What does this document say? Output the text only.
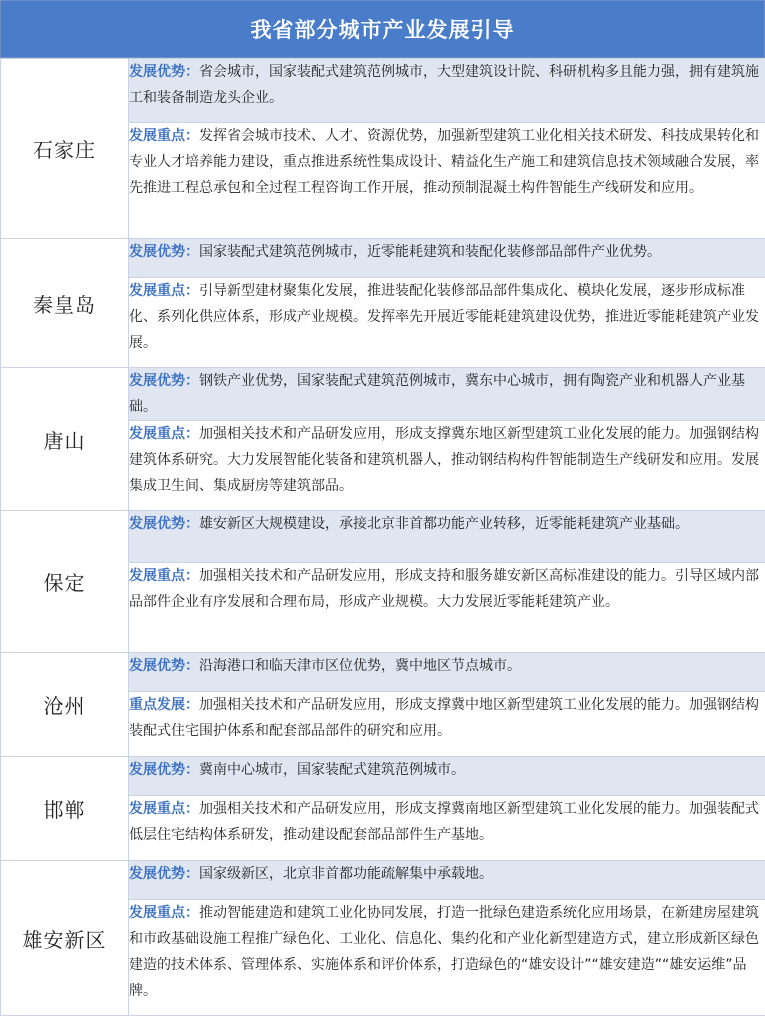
我省部分城市产业发展引导
石家庄	发展优势：省会城市，国家装配式建筑范例城市，大型建筑设计院、科研机构多且能力强，拥有建筑施工和装备制造龙头企业。
	发展重点：发挥省会城市技术、人才、资源优势，加强新型建筑工业化相关技术研发、科技成果转化和专业人才培养能力建设，重点推进系统性集成设计、精益化生产施工和建筑信息技术领域融合发展，率先推进工程总承包和全过程工程咨询工作开展，推动预制混凝土构件智能生产线研发和应用。
秦皇岛	发展优势：国家装配式建筑范例城市，近零能耗建筑和装配化装修部品部件产业优势。
	发展重点：引导新型建材聚集化发展，推进装配化装修部品部件集成化、模块化发展，逐步形成标准化、系列化供应体系，形成产业规模。发挥率先开展近零能耗建筑建设优势，推进近零能耗建筑产业发展。
唐山	发展优势：钢铁产业优势，国家装配式建筑范例城市，冀东中心城市，拥有陶瓷产业和机器人产业基础。
	发展重点：加强相关技术和产品研发应用，形成支撑冀东地区新型建筑工业化发展的能力。加强钢结构建筑体系研究。大力发展智能化装备和建筑机器人，推动钢结构构件智能制造生产线研发和应用。发展集成卫生间、集成厨房等建筑部品。
保定	发展优势：雄安新区大规模建设，承接北京非首都功能产业转移，近零能耗建筑产业基础。
	发展重点：加强相关技术和产品研发应用，形成支持和服务雄安新区高标准建设的能力。引导区域内部品部件企业有序发展和合理布局，形成产业规模。大力发展近零能耗建筑产业。
沧州	发展优势：沿海港口和临天津市区位优势，冀中地区节点城市。
	重点发展：加强相关技术和产品研发应用，形成支撑冀中地区新型建筑工业化发展的能力。加强钢结构装配式住宅围护体系和配套部品部件的研究和应用。
邯郸	发展优势：冀南中心城市，国家装配式建筑范例城市。
	发展重点：加强相关技术和产品研发应用，形成支撑冀南地区新型建筑工业化发展的能力。加强装配式低层住宅结构体系研发，推动建设配套部品部件生产基地。
雄安新区	发展优势：国家级新区，北京非首都功能疏解集中承载地。
	发展重点：推动智能建造和建筑工业化协同发展，打造一批绿色建造系统化应用场景，在新建房屋建筑和市政基础设施工程推广绿色化、工业化、信息化、集约化和产业化新型建造方式，建立形成新区绿色建造的技术体系、管理体系、实施体系和评价体系，打造绿色的“雄安设计”“雄安建造”“雄安运维”品牌。
